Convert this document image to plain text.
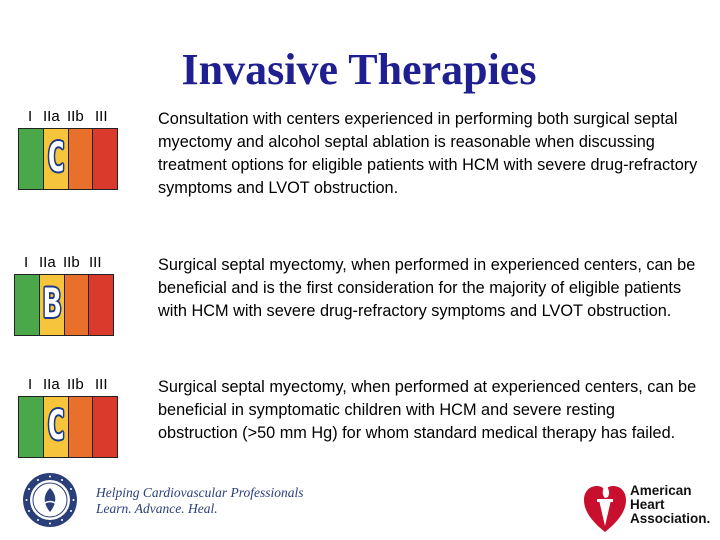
Invasive Therapies
I IIa IIb III
C
Consultation with centers experienced in performing both surgical septal myectomy and alcohol septal ablation is reasonable when discussing treatment options for eligible patients with HCM with severe drug-refractory symptoms and LVOT obstruction.
I IIa IIb III
B
Surgical septal myectomy, when performed in experienced centers, can be beneficial and is the first consideration for the majority of eligible patients with HCM with severe drug-refractory symptoms and LVOT obstruction.
I IIa IIb III
C
Surgical septal myectomy, when performed at experienced centers, can be beneficial in symptomatic children with HCM and severe resting obstruction (>50 mm Hg) for whom standard medical therapy has failed.
Helping Cardiovascular Professionals
Learn. Advance. Heal.
American
Heart
Association.
